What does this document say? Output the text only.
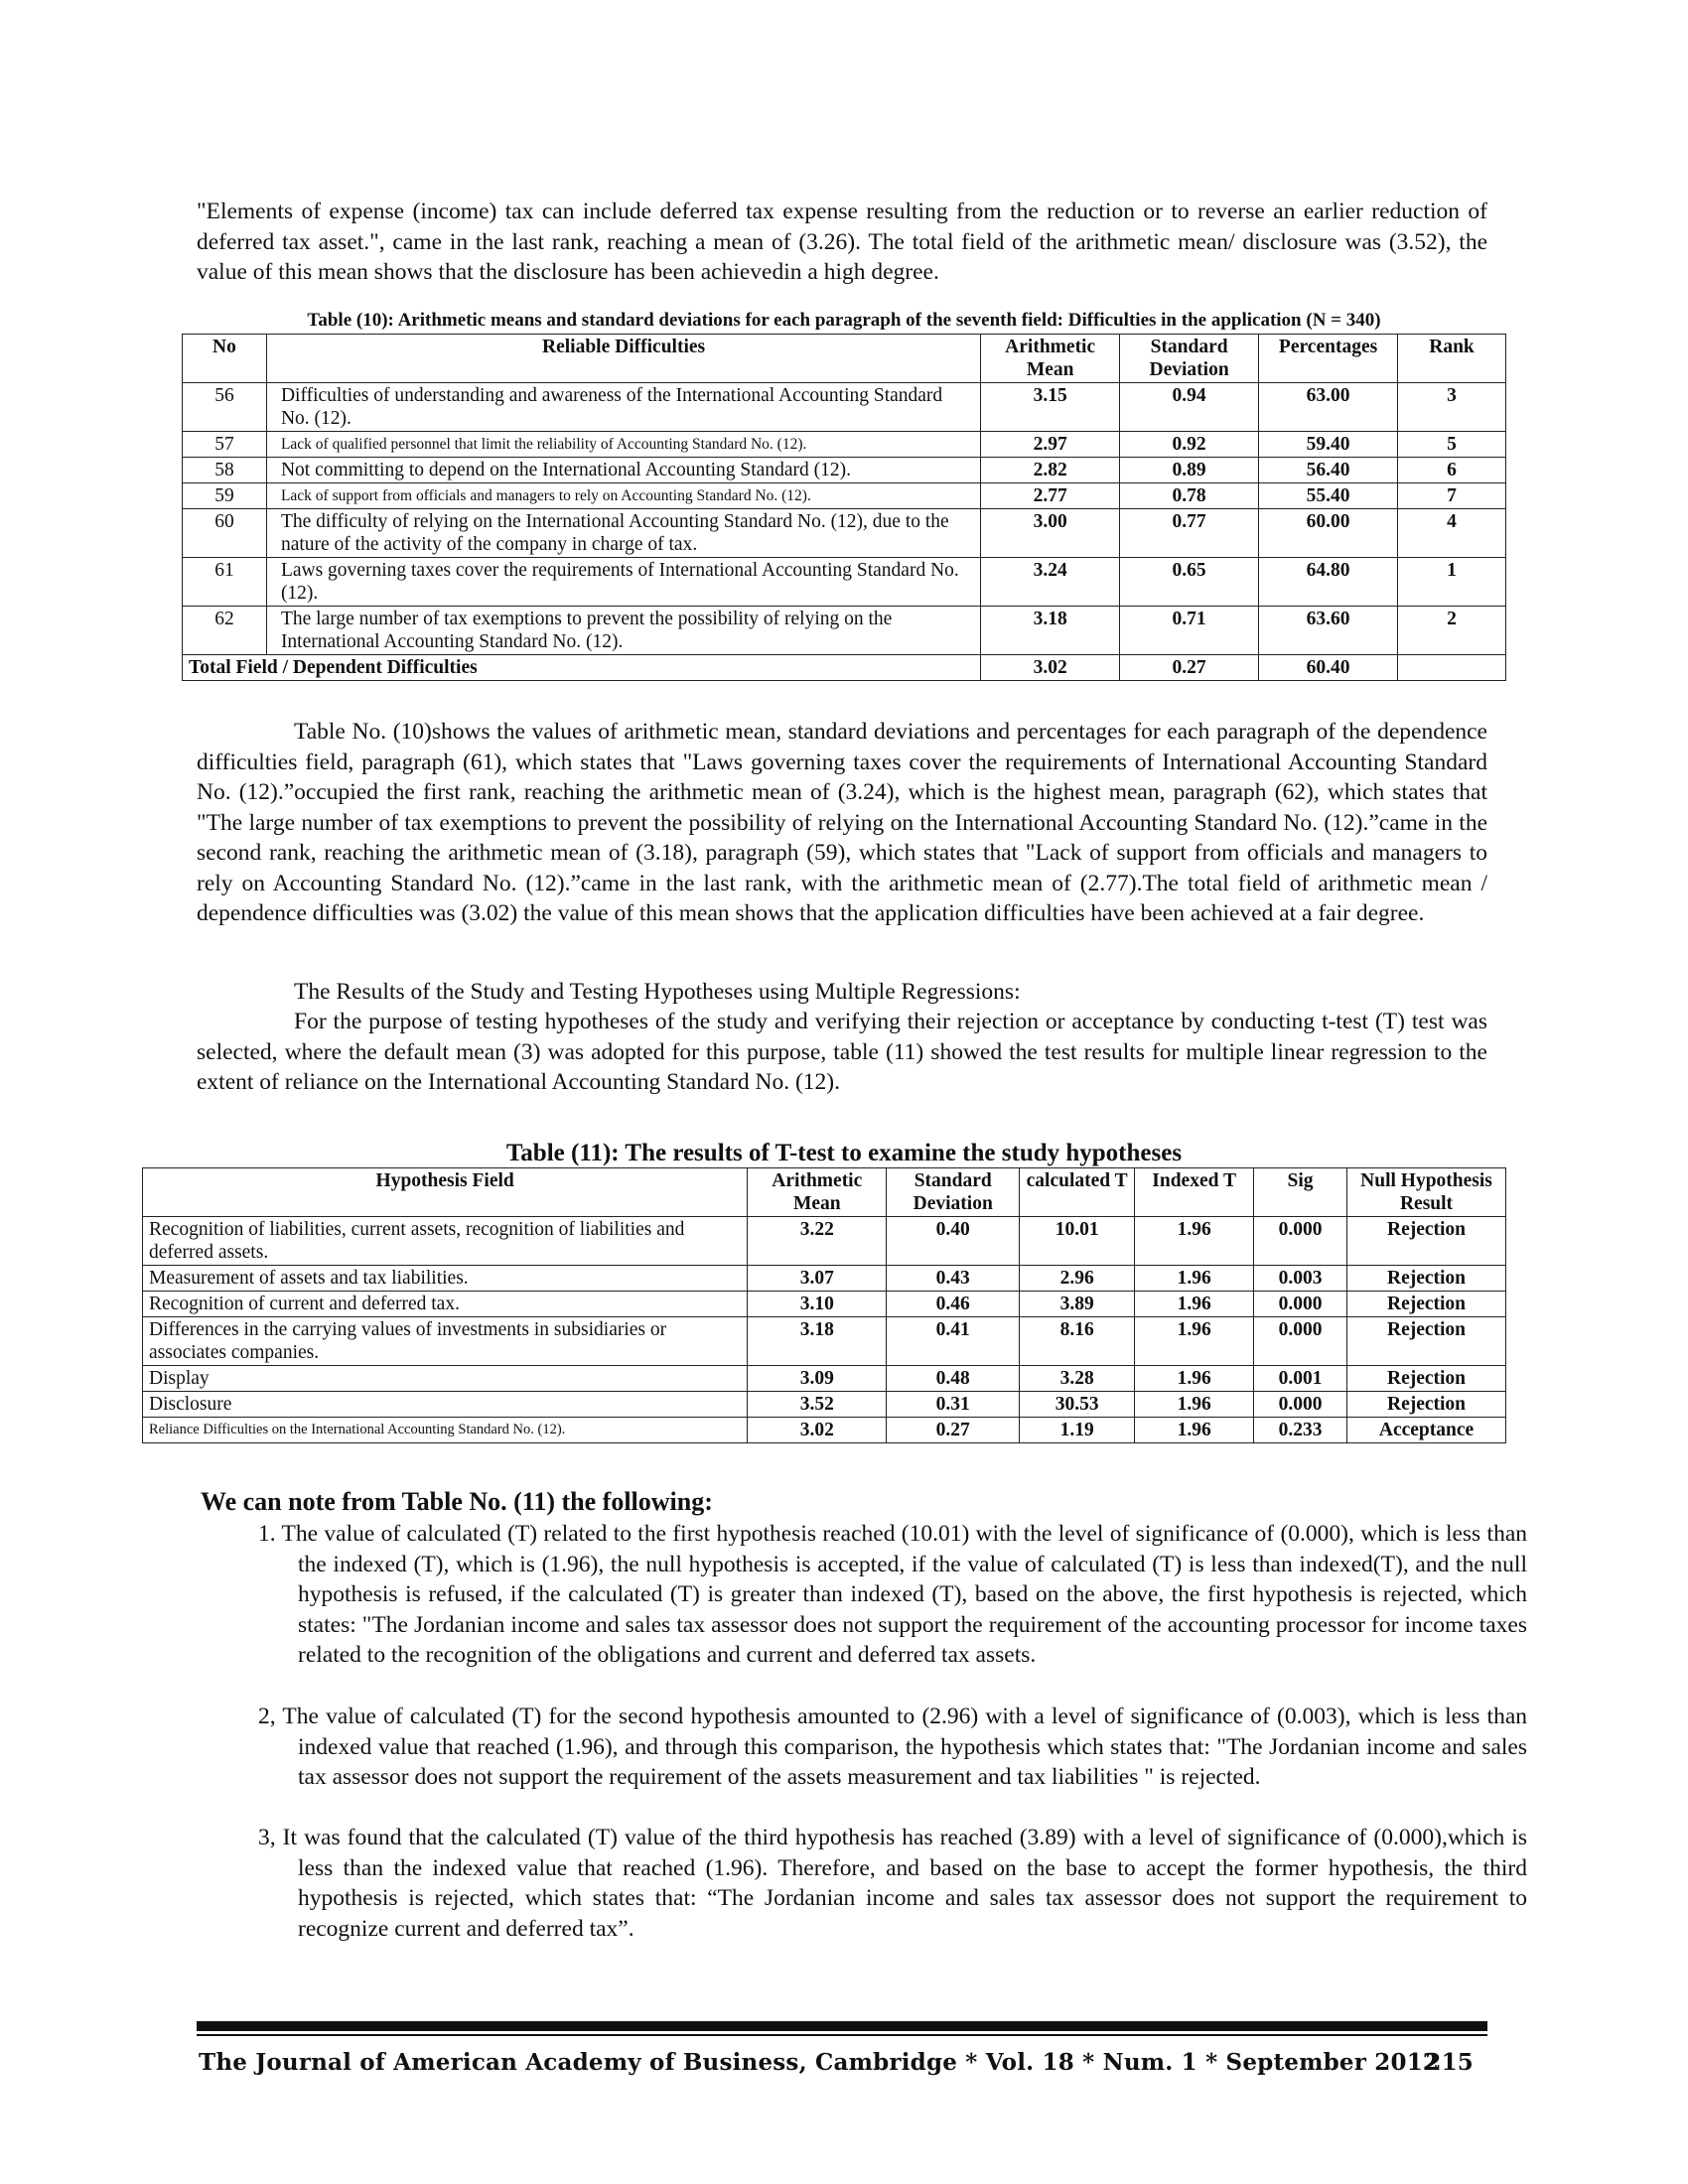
"Elements of expense (income) tax can include deferred tax expense resulting from the reduction or to reverse an earlier reduction of deferred tax asset.", came in the last rank, reaching a mean of (3.26). The total field of the arithmetic mean/ disclosure was (3.52), the value of this mean shows that the disclosure has been achievedin a high degree.

Table (10): Arithmetic means and standard deviations for each paragraph of the seventh field: Difficulties in the application (N = 340)
No	Reliable Difficulties	Arithmetic Mean	Standard Deviation	Percentages	Rank
56	Difficulties of understanding and awareness of the International Accounting Standard No. (12).	3.15	0.94	63.00	3
57	Lack of qualified personnel that limit the reliability of Accounting Standard No. (12).	2.97	0.92	59.40	5
58	Not committing to depend on the International Accounting Standard (12).	2.82	0.89	56.40	6
59	Lack of support from officials and managers to rely on Accounting Standard No. (12).	2.77	0.78	55.40	7
60	The difficulty of relying on the International Accounting Standard No. (12), due to the nature of the activity of the company in charge of tax.	3.00	0.77	60.00	4
61	Laws governing taxes cover the requirements of International Accounting Standard No. (12).	3.24	0.65	64.80	1
62	The large number of tax exemptions to prevent the possibility of relying on the International Accounting Standard No. (12).	3.18	0.71	63.60	2
Total Field / Dependent Difficulties		3.02	0.27	60.40	

Table No. (10)shows the values of arithmetic mean, standard deviations and percentages for each paragraph of the dependence difficulties field, paragraph (61), which states that "Laws governing taxes cover the requirements of International Accounting Standard No. (12).”occupied the first rank, reaching the arithmetic mean of (3.24), which is the highest mean, paragraph (62), which states that "The large number of tax exemptions to prevent the possibility of relying on the International Accounting Standard No. (12).”came in the second rank, reaching the arithmetic mean of (3.18), paragraph (59), which states that "Lack of support from officials and managers to rely on Accounting Standard No. (12).”came in the last rank, with the arithmetic mean of (2.77).The total field of arithmetic mean / dependence difficulties was (3.02) the value of this mean shows that the application difficulties have been achieved at a fair degree.

The Results of the Study and Testing Hypotheses using Multiple Regressions:

For the purpose of testing hypotheses of the study and verifying their rejection or acceptance by conducting t-test (T) test was selected, where the default mean (3) was adopted for this purpose, table (11) showed the test results for multiple linear regression to the extent of reliance on the International Accounting Standard No. (12).

Table (11): The results of T-test to examine the study hypotheses
Hypothesis Field	Arithmetic Mean	Standard Deviation	calculated T	Indexed T	Sig	Null Hypothesis Result
Recognition of liabilities, current assets, recognition of liabilities and deferred assets.	3.22	0.40	10.01	1.96	0.000	Rejection
Measurement of assets and tax liabilities.	3.07	0.43	2.96	1.96	0.003	Rejection
Recognition of current and deferred tax.	3.10	0.46	3.89	1.96	0.000	Rejection
Differences in the carrying values of investments in subsidiaries or associates companies.	3.18	0.41	8.16	1.96	0.000	Rejection
Display	3.09	0.48	3.28	1.96	0.001	Rejection
Disclosure	3.52	0.31	30.53	1.96	0.000	Rejection
Reliance Difficulties on the International Accounting Standard No. (12).	3.02	0.27	1.19	1.96	0.233	Acceptance
We can note from Table No. (11) the following:

1. The value of calculated (T) related to the first hypothesis reached (10.01) with the level of significance of (0.000), which is less than the indexed (T), which is (1.96), the null hypothesis is accepted, if the value of calculated (T) is less than indexed(T), and the null hypothesis is refused, if the calculated (T) is greater than indexed (T), based on the above, the first hypothesis is rejected, which states: "The Jordanian income and sales tax assessor does not support the requirement of the accounting processor for income taxes related to the recognition of the obligations and current and deferred tax assets.

2, The value of calculated (T) for the second hypothesis amounted to (2.96) with a level of significance of (0.003), which is less than indexed value that reached (1.96), and through this comparison, the hypothesis which states that: "The Jordanian income and sales tax assessor does not support the requirement of the assets measurement and tax liabilities " is rejected.

3, It was found that the calculated (T) value of the third hypothesis has reached (3.89) with a level of significance of (0.000),which is less than the indexed value that reached (1.96). Therefore, and based on the base to accept the former hypothesis, the third hypothesis is rejected, which states that: “The Jordanian income and sales tax assessor does not support the requirement to recognize current and deferred tax”.

The Journal of American Academy of Business, Cambridge * Vol. 18 * Num. 1 * September 2012
215
